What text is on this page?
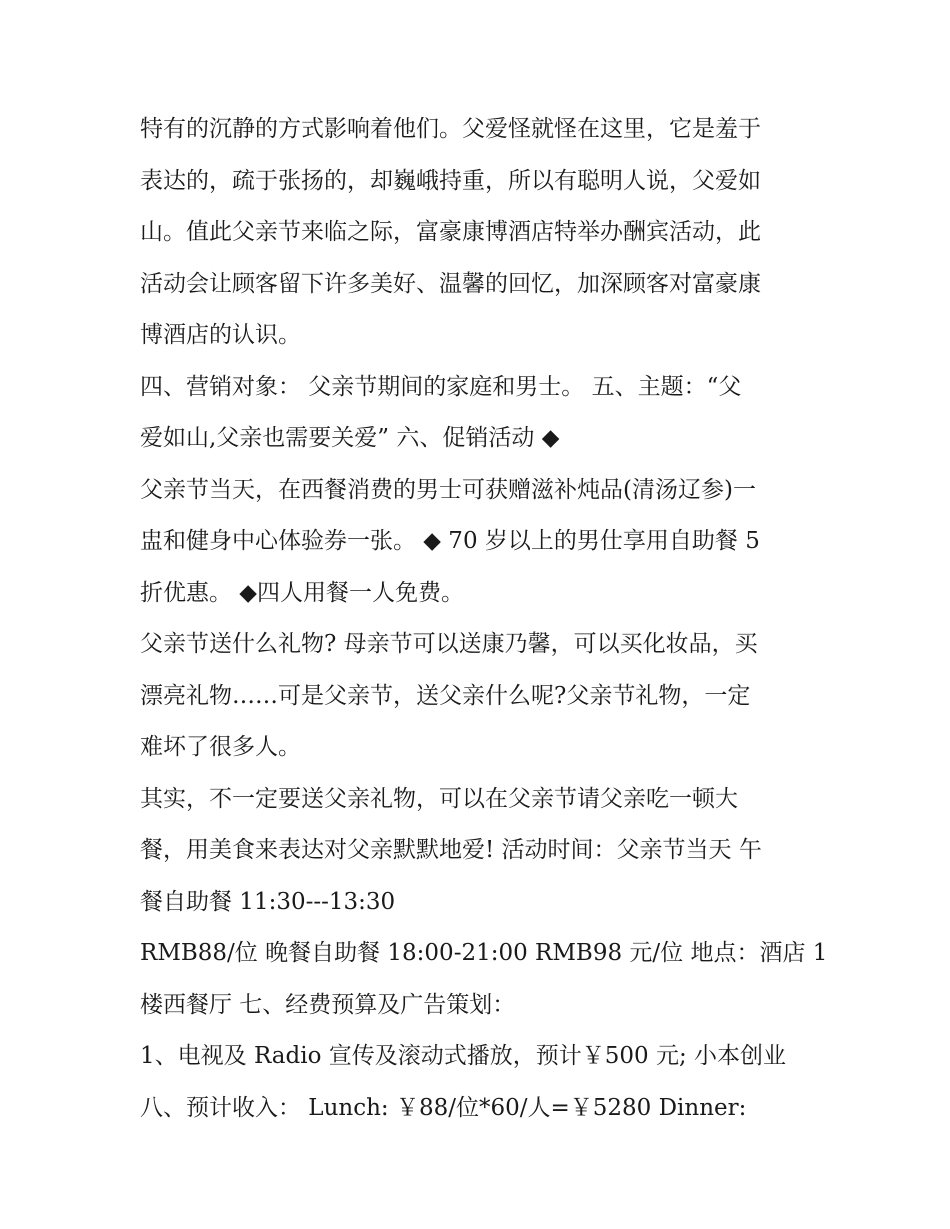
特有的沉静的方式影响着他们。父爱怪就怪在这里，它是羞于
表达的，疏于张扬的，却巍峨持重，所以有聪明人说，父爱如
山。值此父亲节来临之际，富豪康博酒店特举办酬宾活动，此
活动会让顾客留下许多美好、温馨的回忆，加深顾客对富豪康
博酒店的认识。

四、营销对象： 父亲节期间的家庭和男士。 五、主题：“父
爱如山,父亲也需要关爱” 六、促销活动 ◆

父亲节当天，在西餐消费的男士可获赠滋补炖品(清汤辽参)一
盅和健身中心体验券一张。 ◆ 70 岁以上的男仕享用自助餐 5
折优惠。 ◆四人用餐一人免费。

父亲节送什么礼物? 母亲节可以送康乃馨，可以买化妆品，买
漂亮礼物……可是父亲节，送父亲什么呢?父亲节礼物，一定
难坏了很多人。

其实，不一定要送父亲礼物，可以在父亲节请父亲吃一顿大
餐，用美食来表达对父亲默默地爱! 活动时间：父亲节当天 午
餐自助餐 11:30---13:30

RMB88/位 晚餐自助餐 18:00-21:00 RMB98 元/位 地点：酒店 1
楼西餐厅 七、经费预算及广告策划：

1、电视及 Radio 宣传及滚动式播放，预计￥500 元; 小本创业
八、预计收入： Lunch: ￥88/位*60/人=￥5280 Dinner:
